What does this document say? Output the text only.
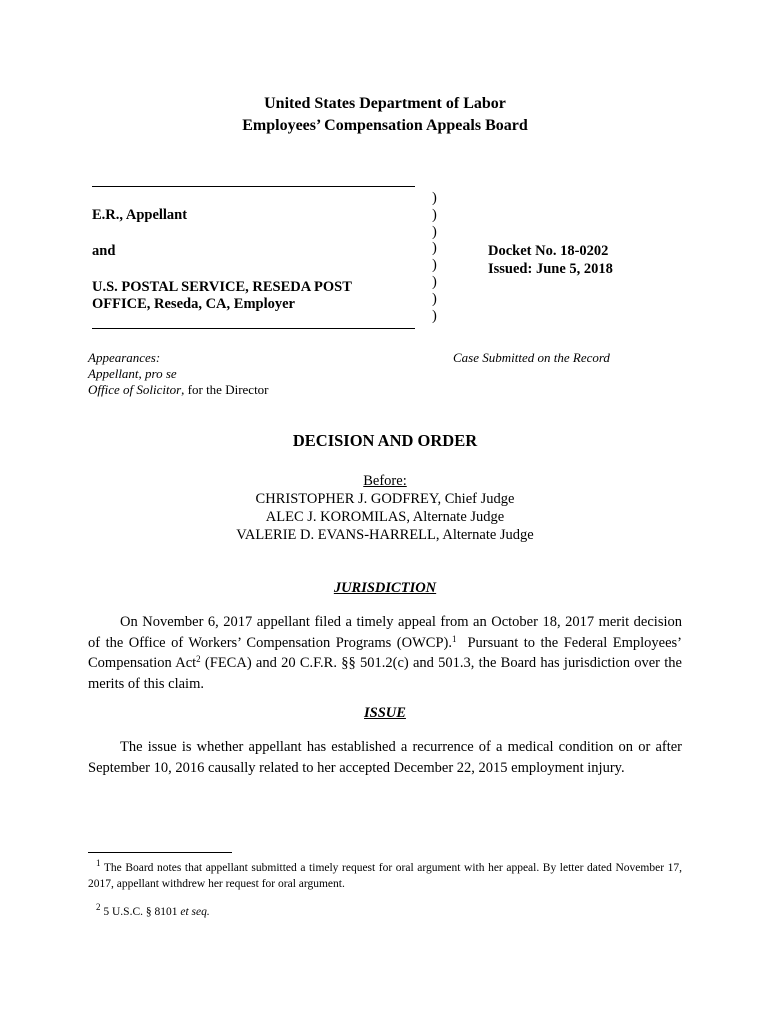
United States Department of Labor
Employees’ Compensation Appeals Board
E.R., Appellant
and
U.S. POSTAL SERVICE, RESEDA POST
OFFICE, Reseda, CA, Employer
)
)
)
)
)
)
)
)
Docket No. 18-0202
Issued: June 5, 2018
Appearances:
Appellant, pro se
Office of Solicitor, for the Director
Case Submitted on the Record
DECISION AND ORDER
Before:
CHRISTOPHER J. GODFREY, Chief Judge
ALEC J. KOROMILAS, Alternate Judge
VALERIE D. EVANS-HARRELL, Alternate Judge
JURISDICTION
On November 6, 2017 appellant filed a timely appeal from an October 18, 2017 merit decision of the Office of Workers’ Compensation Programs (OWCP).$^1$  Pursuant to the Federal Employees’ Compensation Act$^2$ (FECA) and 20 C.F.R. §§ 501.2(c) and 501.3, the Board has jurisdiction over the merits of this claim.
ISSUE
The issue is whether appellant has established a recurrence of a medical condition on or after September 10, 2016 causally related to her accepted December 22, 2015 employment injury.
$^1$ The Board notes that appellant submitted a timely request for oral argument with her appeal. By letter dated November 17, 2017, appellant withdrew her request for oral argument.
$^2$ 5 U.S.C. § 8101 et seq.
